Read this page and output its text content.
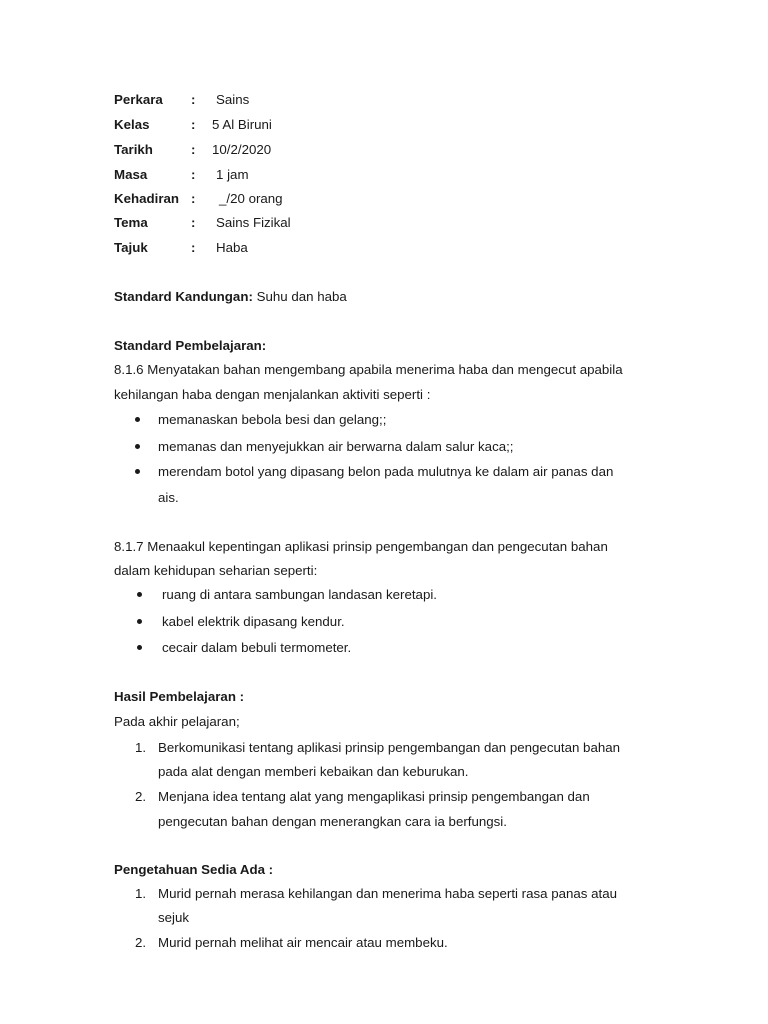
Perkara : Sains
Kelas	: 5 Al Biruni
Tarikh	: 10/2/2020
Masa	: 1 jam
Kehadiran : _/20 orang
Tema	: Sains Fizikal
Tajuk	: Haba
Standard Kandungan: Suhu dan haba
Standard Pembelajaran:
8.1.6 Menyatakan bahan mengembang apabila menerima haba dan mengecut apabila
kehilangan haba dengan menjalankan aktiviti seperti :
memanaskan bebola besi dan gelang;;
memanas dan menyejukkan air berwarna dalam salur kaca;;
merendam botol yang dipasang belon pada mulutnya ke dalam air panas dan
ais.
8.1.7 Menaakul kepentingan aplikasi prinsip pengembangan dan pengecutan bahan
dalam kehidupan seharian seperti:
ruang di antara sambungan landasan keretapi.
kabel elektrik dipasang kendur.
cecair dalam bebuli termometer.
Hasil Pembelajaran :
Pada akhir pelajaran;
1. Berkomunikasi tentang aplikasi prinsip pengembangan dan pengecutan bahan
pada alat dengan memberi kebaikan dan keburukan.
2. Menjana idea tentang alat yang mengaplikasi prinsip pengembangan dan
pengecutan bahan dengan menerangkan cara ia berfungsi.
Pengetahuan Sedia Ada :
1. Murid pernah merasa kehilangan dan menerima haba seperti rasa panas atau
sejuk
2. Murid pernah melihat air mencair atau membeku.
